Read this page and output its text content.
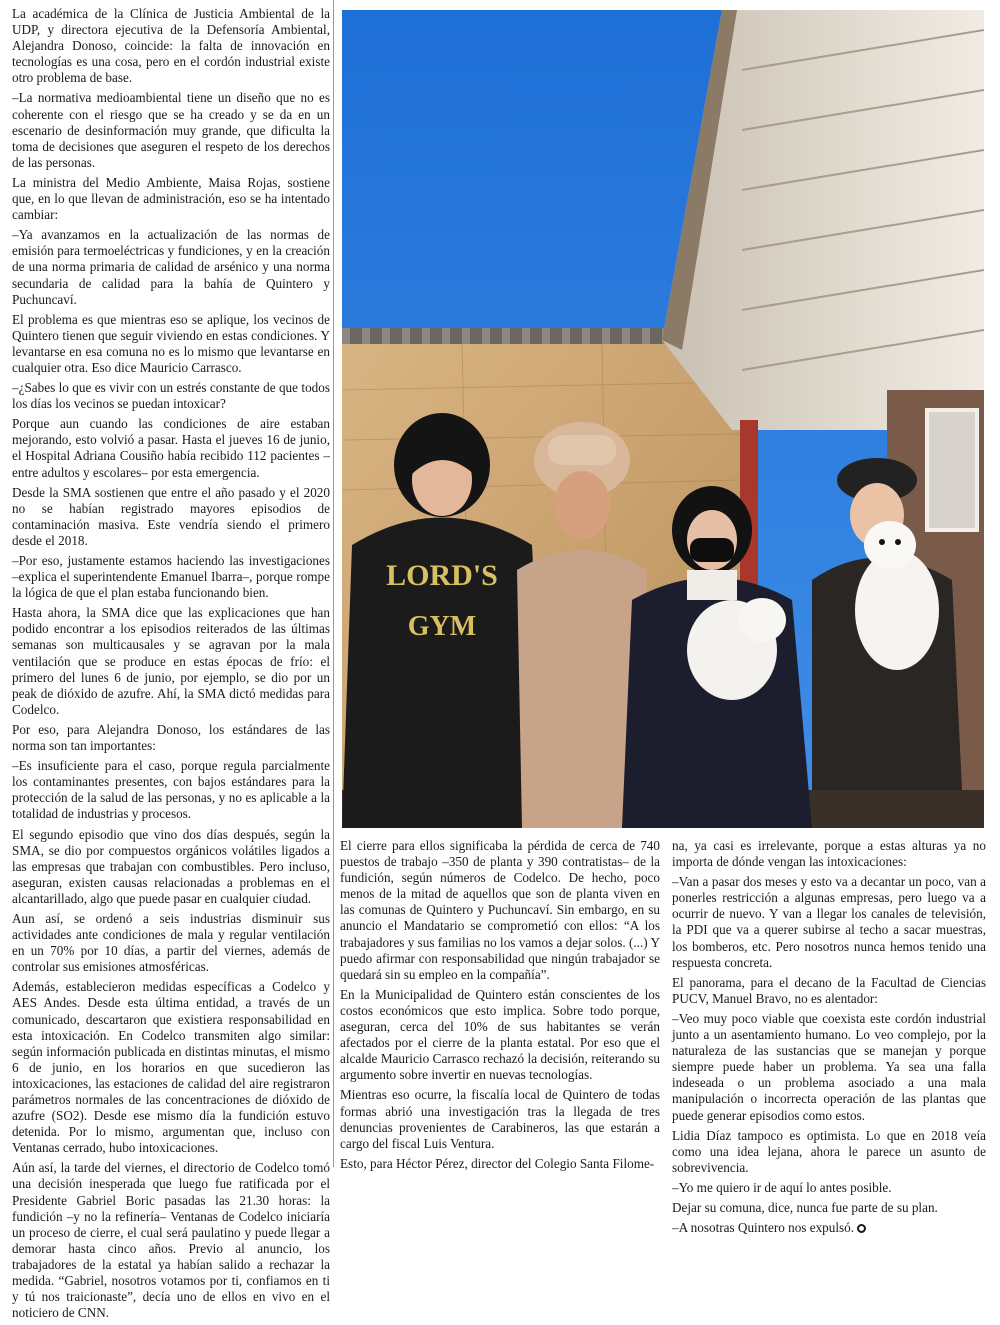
La académica de la Clínica de Justicia Ambiental de la UDP, y directora ejecutiva de la Defensoría Ambiental, Alejandra Donoso, coincide: la falta de innovación en tecnologías es una cosa, pero en el cordón industrial existe otro problema de base.

–La normativa medioambiental tiene un diseño que no es coherente con el riesgo que se ha creado y se da en un escenario de desinformación muy grande, que dificulta la toma de decisiones que aseguren el respeto de los derechos de las personas.

La ministra del Medio Ambiente, Maisa Rojas, sostiene que, en lo que llevan de administración, eso se ha intentado cambiar:

–Ya avanzamos en la actualización de las normas de emisión para termoeléctricas y fundiciones, y en la creación de una norma primaria de calidad de arsénico y una norma secundaria de calidad para la bahía de Quintero y Puchuncaví.

El problema es que mientras eso se aplique, los vecinos de Quintero tienen que seguir viviendo en estas condiciones. Y levantarse en esa comuna no es lo mismo que levantarse en cualquier otra. Eso dice Mauricio Carrasco.

–¿Sabes lo que es vivir con un estrés constante de que todos los días los vecinos se puedan intoxicar?

Porque aun cuando las condiciones de aire estaban mejorando, esto volvió a pasar. Hasta el jueves 16 de junio, el Hospital Adriana Cousiño había recibido 112 pacientes –entre adultos y escolares– por esta emergencia.

Desde la SMA sostienen que entre el año pasado y el 2020 no se habían registrado mayores episodios de contaminación masiva. Este vendría siendo el primero desde el 2018.

–Por eso, justamente estamos haciendo las investigaciones –explica el superintendente Emanuel Ibarra–, porque rompe la lógica de que el plan estaba funcionando bien.

Hasta ahora, la SMA dice que las explicaciones que han podido encontrar a los episodios reiterados de las últimas semanas son multicausales y se agravan por la mala ventilación que se produce en estas épocas de frío: el primero del lunes 6 de junio, por ejemplo, se dio por un peak de dióxido de azufre. Ahí, la SMA dictó medidas para Codelco.

Por eso, para Alejandra Donoso, los estándares de las norma son tan importantes:

–Es insuficiente para el caso, porque regula parcialmente los contaminantes presentes, con bajos estándares para la protección de la salud de las personas, y no es aplicable a la totalidad de industrias y procesos.

El segundo episodio que vino dos días después, según la SMA, se dio por compuestos orgánicos volátiles ligados a las empresas que trabajan con combustibles. Pero incluso, aseguran, existen causas relacionadas a problemas en el alcantarillado, algo que puede pasar en cualquier ciudad.

Aun así, se ordenó a seis industrias disminuir sus actividades ante condiciones de mala y regular ventilación en un 70% por 10 días, a partir del viernes, además de controlar sus emisiones atmosféricas.

Además, establecieron medidas específicas a Codelco y AES Andes. Desde esta última entidad, a través de un comunicado, descartaron que existiera responsabilidad en esta intoxicación. En Codelco transmiten algo similar: según información publicada en distintas minutas, el mismo 6 de junio, en los horarios en que sucedieron las intoxicaciones, las estaciones de calidad del aire registraron parámetros normales de las concentraciones de dióxido de azufre (SO2). Desde ese mismo día la fundición estuvo detenida. Por lo mismo, argumentan que, incluso con Ventanas cerrado, hubo intoxicaciones.

Aún así, la tarde del viernes, el directorio de Codelco tomó una decisión inesperada que luego fue ratificada por el Presidente Gabriel Boric pasadas las 21.30 horas: la fundición –y no la refinería– Ventanas de Codelco iniciaría un proceso de cierre, el cual será paulatino y puede llegar a demorar hasta cinco años. Previo al anuncio, los trabajadores de la estatal ya habían salido a rechazar la medida. “Gabriel, nosotros votamos por ti, confiamos en ti y tú nos traicionaste”, decía uno de ellos en vivo en el noticiero de CNN.

LORD'S
GYM

El cierre para ellos significaba la pérdida de cerca de 740 puestos de trabajo –350 de planta y 390 contratistas– de la fundición, según números de Codelco. De hecho, poco menos de la mitad de aquellos que son de planta viven en las comunas de Quintero y Puchuncaví. Sin embargo, en su anuncio el Mandatario se comprometió con ellos: “A los trabajadores y sus familias no los vamos a dejar solos. (...) Y puedo afirmar con responsabilidad que ningún trabajador se quedará sin su empleo en la compañía”.

En la Municipalidad de Quintero están conscientes de los costos económicos que esto implica. Sobre todo porque, aseguran, cerca del 10% de sus habitantes se verán afectados por el cierre de la planta estatal. Por eso que el alcalde Mauricio Carrasco rechazó la decisión, reiterando su argumento sobre invertir en nuevas tecnologías.

Mientras eso ocurre, la fiscalía local de Quintero de todas formas abrió una investigación tras la llegada de tres denuncias provenientes de Carabineros, las que estarán a cargo del fiscal Luis Ventura.

Esto, para Héctor Pérez, director del Colegio Santa Filome-

na, ya casi es irrelevante, porque a estas alturas ya no importa de dónde vengan las intoxicaciones:

–Van a pasar dos meses y esto va a decantar un poco, van a ponerles restricción a algunas empresas, pero luego va a ocurrir de nuevo. Y van a llegar los canales de televisión, la PDI que va a querer subirse al techo a sacar muestras, los bomberos, etc. Pero nosotros nunca hemos tenido una respuesta concreta.

El panorama, para el decano de la Facultad de Ciencias PUCV, Manuel Bravo, no es alentador:

–Veo muy poco viable que coexista este cordón industrial junto a un asentamiento humano. Lo veo complejo, por la naturaleza de las sustancias que se manejan y porque siempre puede haber un problema. Ya sea una falla indeseada o un problema asociado a una mala manipulación o incorrecta operación de las plantas que puede generar episodios como estos.

Lidia Díaz tampoco es optimista. Lo que en 2018 veía como una idea lejana, ahora le parece un asunto de sobrevivencia.

–Yo me quiero ir de aquí lo antes posible.

Dejar su comuna, dice, nunca fue parte de su plan.

–A nosotras Quintero nos expulsó.
